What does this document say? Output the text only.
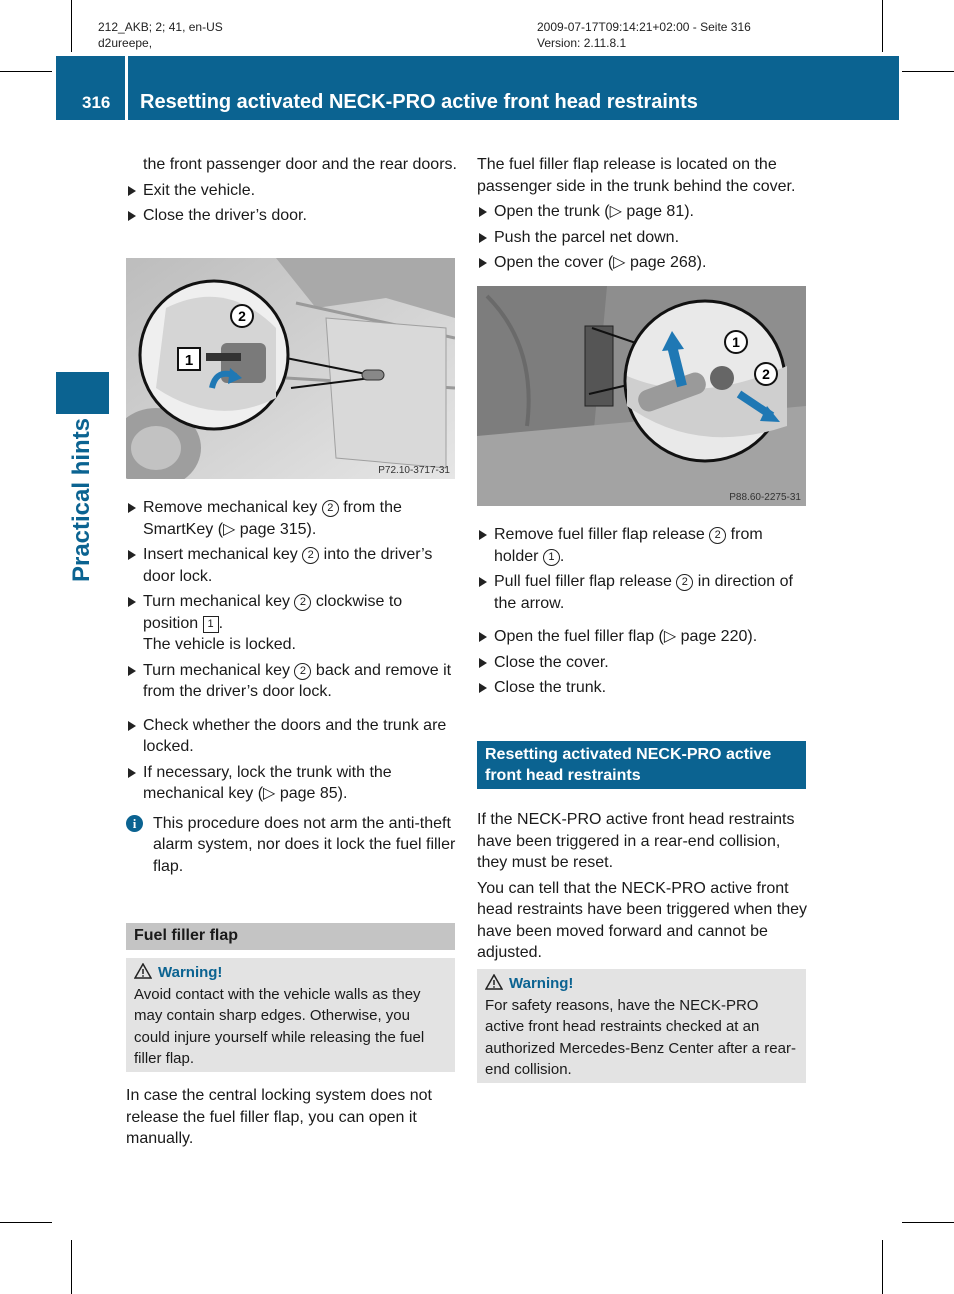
212_AKB; 2; 41, en-US
d2ureepe,
2009-07-17T09:14:21+02:00 - Seite 316
Version: 2.11.8.1
316 Resetting activated NECK-PRO active front head restraints
Practical hints
the front passenger door and the rear doors.
Exit the vehicle.
Close the driver’s door.
1
2
P72.10-3717-31
Remove mechanical key 2 from the SmartKey (▷ page 315).
Insert mechanical key 2 into the driver’s door lock.
Turn mechanical key 2 clockwise to position 1 .
The vehicle is locked.
Turn mechanical key 2 back and remove it from the driver’s door lock.
Check whether the doors and the trunk are locked.
If necessary, lock the trunk with the mechanical key (▷ page 85).
i	This procedure does not arm the anti-theft alarm system, nor does it lock the fuel filler flap.
Fuel filler flap
Warning!
Avoid contact with the vehicle walls as they may contain sharp edges. Otherwise, you could injure yourself while releasing the fuel filler flap.
In case the central locking system does not release the fuel filler flap, you can open it manually.
The fuel filler flap release is located on the passenger side in the trunk behind the cover.
Open the trunk (▷ page 81).
Push the parcel net down.
Open the cover (▷ page 268).
1
2
P88.60-2275-31
Remove fuel filler flap release 2 from holder 1 .
Pull fuel filler flap release 2 in direction of the arrow.
Open the fuel filler flap (▷ page 220).
Close the cover.
Close the trunk.
Resetting activated NECK-PRO active front head restraints
If the NECK-PRO active front head restraints have been triggered in a rear-end collision, they must be reset.
You can tell that the NECK-PRO active front head restraints have been triggered when they have been moved forward and cannot be adjusted.
Warning!
For safety reasons, have the NECK-PRO active front head restraints checked at an authorized Mercedes-Benz Center after a rear-end collision.
